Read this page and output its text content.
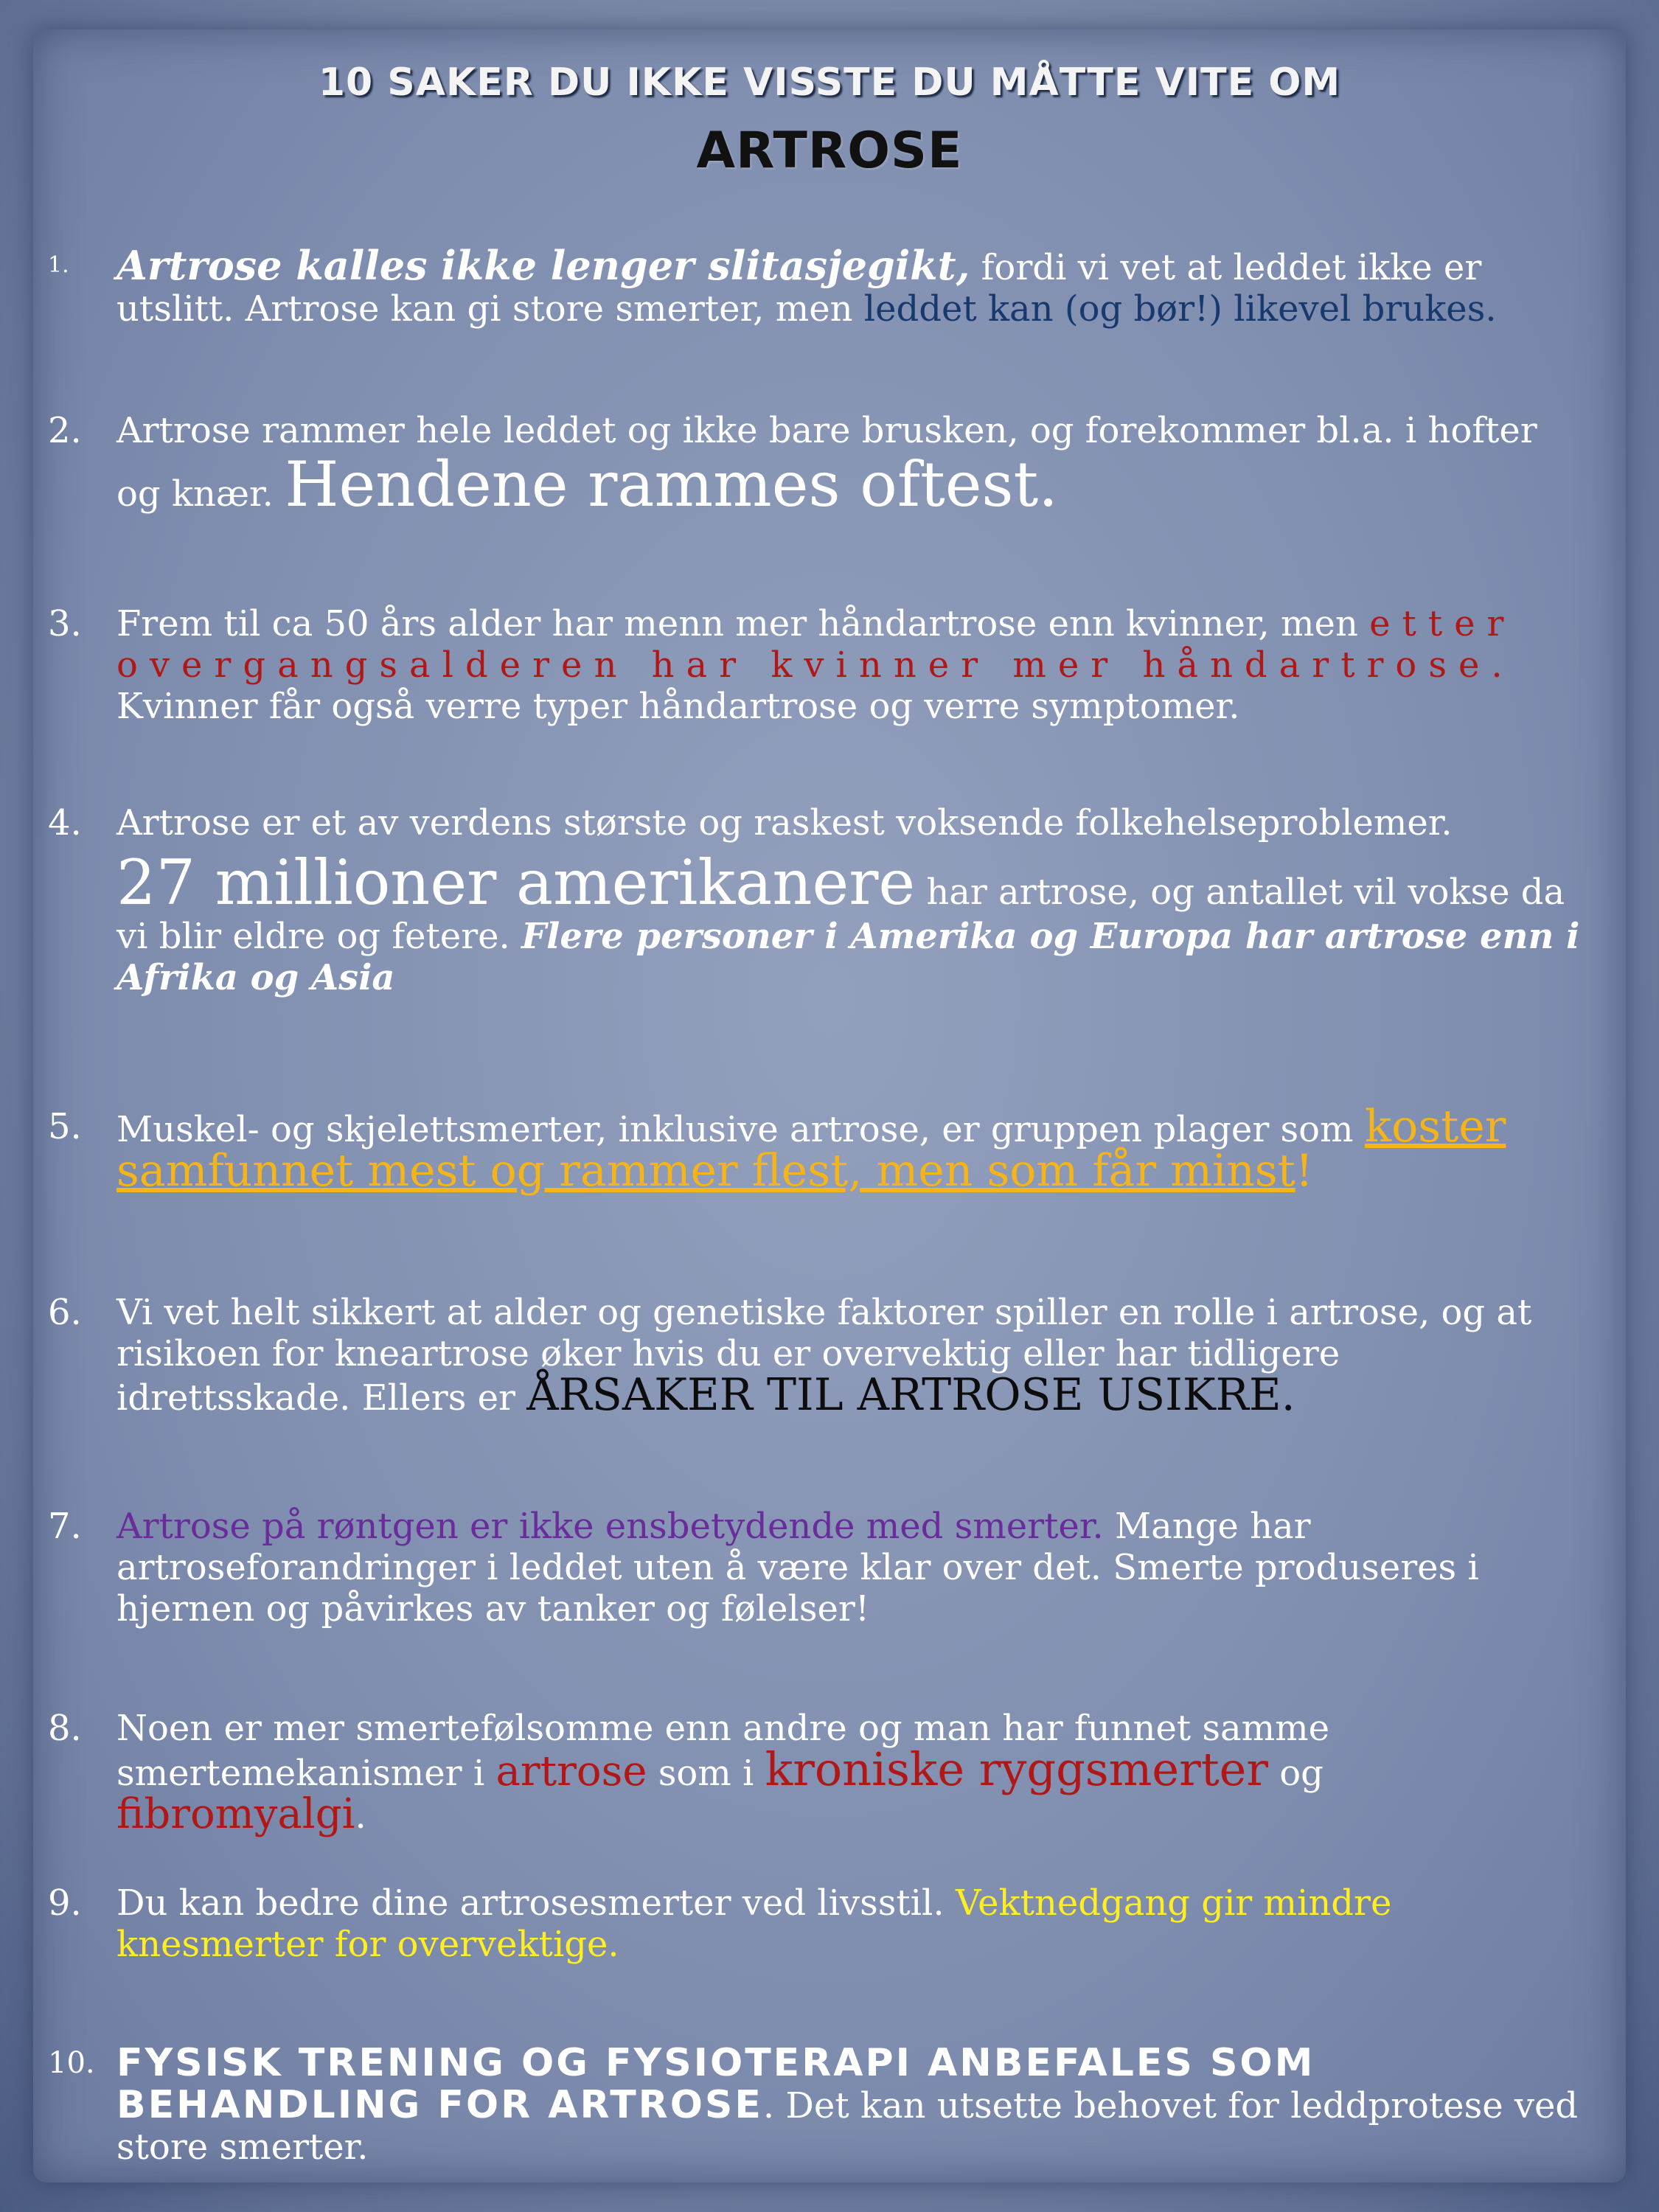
10 SAKER DU IKKE VISSTE DU MÅTTE VITE OM
ARTROSE
1.	Artrose kalles ikke lenger slitasjegikt, fordi vi vet at leddet ikke er utslitt. Artrose kan gi store smerter, men leddet kan (og bør!) likevel brukes.
2. Artrose rammer hele leddet og ikke bare brusken, og forekommer bl.a. i hofter og knær. Hendene rammes oftest.
3. Frem til ca 50 års alder har menn mer håndartrose enn kvinner, men etter overgangsalderen har kvinner mer håndartrose. Kvinner får også verre typer håndartrose og verre symptomer.
4. Artrose er et av verdens største og raskest voksende folkehelseproblemer.
27 millioner amerikanere har artrose, og antallet vil vokse da vi blir eldre og fetere. Flere personer i Amerika og Europa har artrose enn i Afrika og Asia
5. Muskel- og skjelettsmerter, inklusive artrose, er gruppen plager som koster samfunnet mest og rammer flest, men som får minst!
6. Vi vet helt sikkert at alder og genetiske faktorer spiller en rolle i artrose, og at risikoen for kneartrose øker hvis du er overvektig eller har tidligere idrettsskade. Ellers er ÅRSAKER TIL ARTROSE USIKRE.
7. Artrose på røntgen er ikke ensbetydende med smerter. Mange har artroseforandringer i leddet uten å være klar over det. Smerte produseres i hjernen og påvirkes av tanker og følelser!
8. Noen er mer smertefølsomme enn andre og man har funnet samme smertemekanismer i artrose som i kroniske ryggsmerter og fibromyalgi.
9. Du kan bedre dine artrosesmerter ved livsstil. Vektnedgang gir mindre knesmerter for overvektige.
10. FYSISK TRENING OG FYSIOTERAPI ANBEFALES SOM BEHANDLING FOR ARTROSE. Det kan utsette behovet for leddprotese ved store smerter.
